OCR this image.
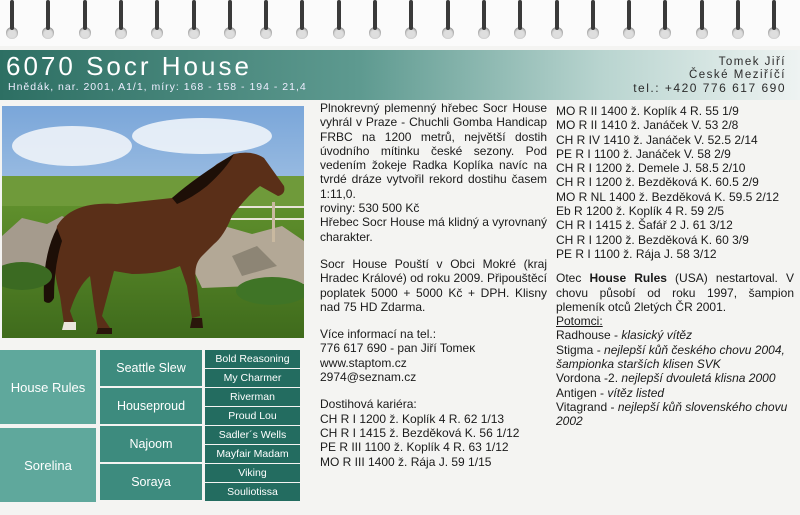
6070 Socr House
Hnědák, nar. 2001, A1/1, míry: 168 - 158 - 194 - 21,4
Tomek Jiří
České Meziříčí
tel.: +420 776 617 690

Plnokrevný plemenný hřebec Socr House vyhrál v Praze - Chuchli Gomba Handicap FRBC na 1200 metrů, největší dostih úvodního mítinku české sezony. Pod vedením žokeje Radka Koplíka navíc na tvrdé dráze vytvořil rekord dostihu časem 1:11,0.

roviny: 530 500 Kč

Hřebec Socr House má klidný a vyrovnaný charakter.

Socr House Pouští v Obci Mokré (kraj Hradec Králové) od roku 2009. Připouštěcí poplatek 5000 + 5000 Kč + DPH. Klisny nad 75 HD Zdarma.

Více informací na tel.:
776 617 690 - pan Jiří Tomeĸ
www.staptom.cz
2974@seznam.cz

Dostihová kariéra:
CH R I 1200 ž. Koplík 4 R. 62 1/13
CH R I 1415 ž. Bezděková K. 56 1/12
PE R III 1100 ž. Koplík 4 R. 63 1/12
MO R III 1400 ž. Rája J. 59 1/15
MO R II 1400 ž. Koplík 4 R. 55 1/9
MO R II 1410 ž. Janáček V. 53 2/8
CH R IV 1410 ž. Janáček V. 52.5 2/14
PE R I 1100 ž. Janáček V. 58 2/9
CH R I 1200 ž. Demele J. 58.5 2/10
CH R I 1200 ž. Bezděková K. 60.5 2/9
MO R NL 1400 ž. Bezděková K. 59.5 2/12
Eb R 1200 ž. Koplík 4 R. 59 2/5
CH R I 1415 ž. Šafář 2 J. 61 3/12
CH R I 1200 ž. Bezděková K. 60 3/9
PE R I 1100 ž. Rája J. 58 3/12
Otec House Rules (USA) nestartoval. V chovu působí od roku 1997, šampion plemeník otců 2letých ČR 2001.
Potomci:
Radhouse - klasický vítěz
Stigma - nejlepší kůň českého chovu 2004, šampionka starších klisen SVK
Vordona -2. nejlepší dvouletá klisna 2000
Antigen - vítěz listed
Vitagrand - nejlepší kůň slovenského chovu 2002
House Rules
Sorelina
Seattle Slew
Houseproud
Najoom
Soraya
Bold Reasoning
My Charmer
Riverman
Proud Lou
Sadler´s Wells
Mayfair Madam
Viking
Souliotissa
